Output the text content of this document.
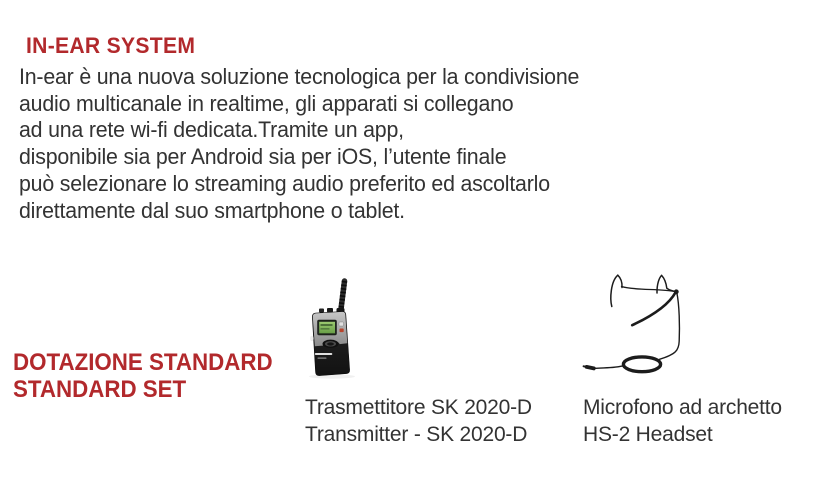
IN-EAR SYSTEM
In-ear è una nuova soluzione tecnologica per la condivisione
audio multicanale in realtime, gli apparati si collegano
ad una rete wi-fi dedicata.Tramite un app,
disponibile sia per Android sia per iOS, l’utente finale
può selezionare lo streaming audio preferito ed ascoltarlo
direttamente dal suo smartphone o tablet.
DOTAZIONE STANDARD
STANDARD SET
Trasmettitore SK 2020-D
Transmitter - SK 2020-D
Microfono ad archetto
HS-2 Headset
